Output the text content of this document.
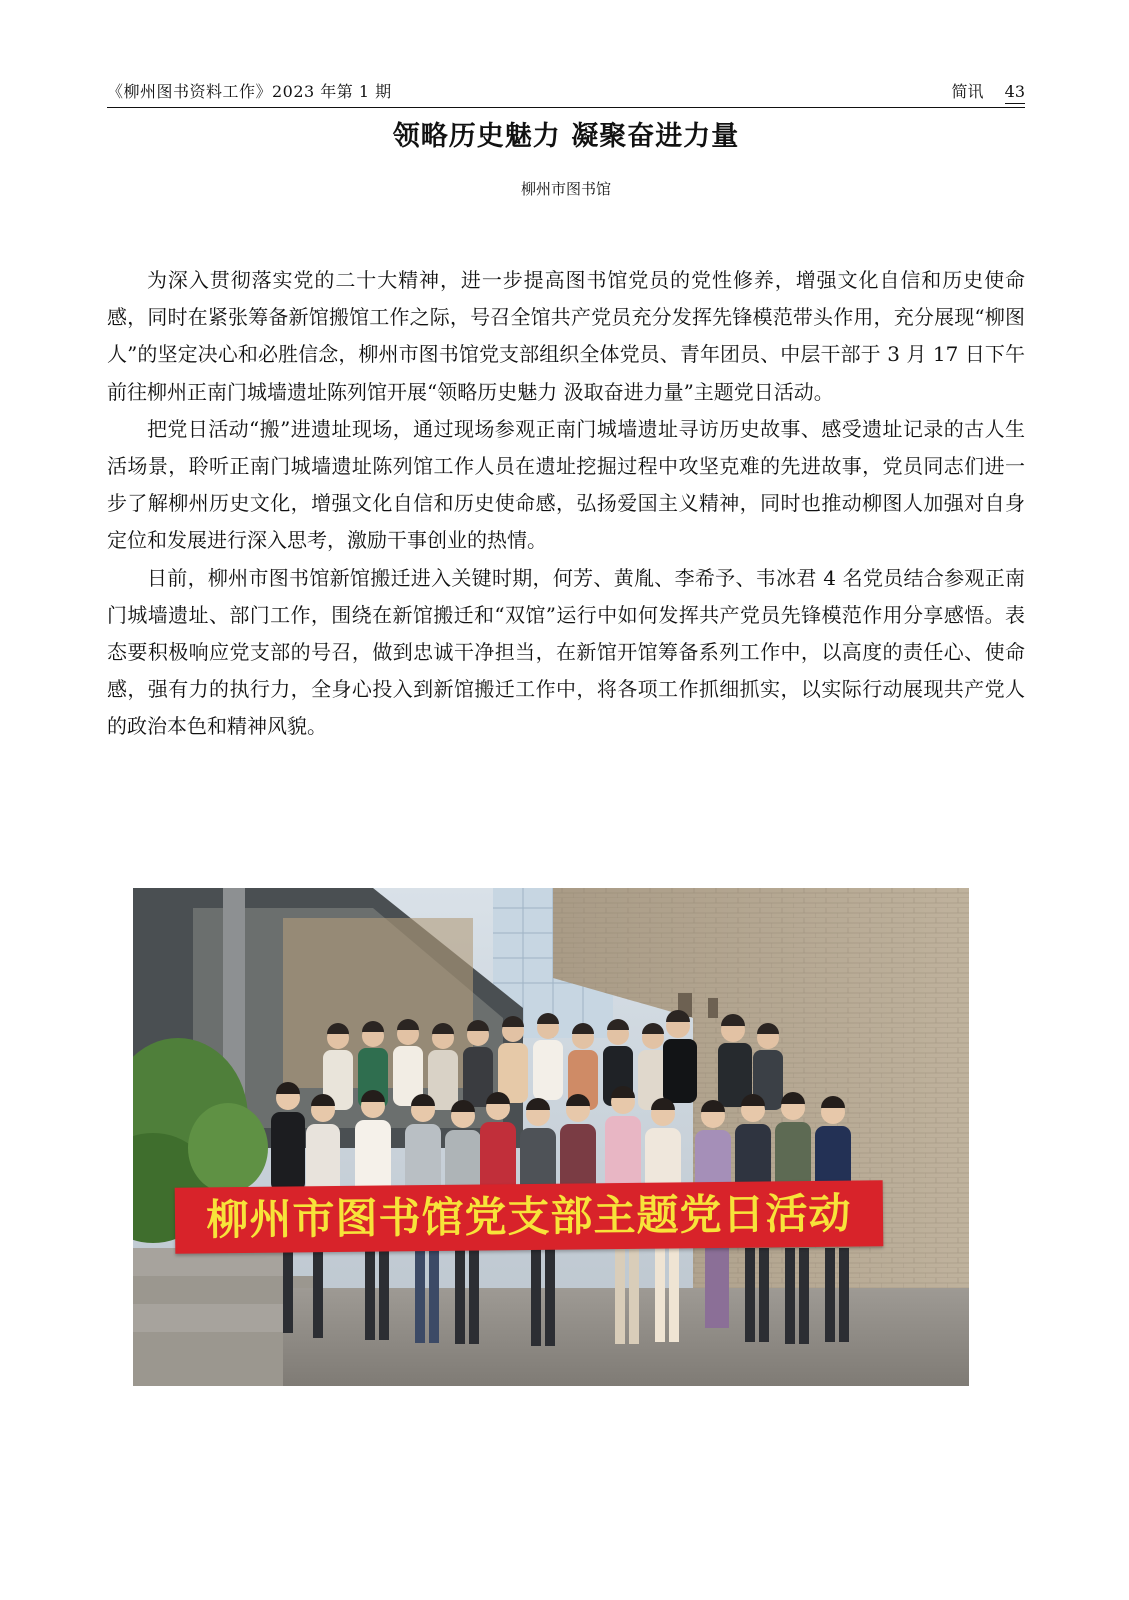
《柳州图书资料工作》2023 年第 1 期	简讯 43
领略历史魅力 凝聚奋进力量
柳州市图书馆

为深入贯彻落实党的二十大精神，进一步提高图书馆党员的党性修养，增强文化自信和历史使命感，同时在紧张筹备新馆搬馆工作之际，号召全馆共产党员充分发挥先锋模范带头作用，充分展现“柳图人”的坚定决心和必胜信念，柳州市图书馆党支部组织全体党员、青年团员、中层干部于 3 月 17 日下午前往柳州正南门城墙遗址陈列馆开展“领略历史魅力 汲取奋进力量”主题党日活动。

把党日活动“搬”进遗址现场，通过现场参观正南门城墙遗址寻访历史故事、感受遗址记录的古人生活场景，聆听正南门城墙遗址陈列馆工作人员在遗址挖掘过程中攻坚克难的先进故事，党员同志们进一步了解柳州历史文化，增强文化自信和历史使命感，弘扬爱国主义精神，同时也推动柳图人加强对自身定位和发展进行深入思考，激励干事创业的热情。

日前，柳州市图书馆新馆搬迁进入关键时期，何芳、黄胤、李希予、韦冰君 4 名党员结合参观正南门城墙遗址、部门工作，围绕在新馆搬迁和“双馆”运行中如何发挥共产党员先锋模范作用分享感悟。表态要积极响应党支部的号召，做到忠诚干净担当，在新馆开馆筹备系列工作中，以高度的责任心、使命感，强有力的执行力，全身心投入到新馆搬迁工作中，将各项工作抓细抓实，以实际行动展现共产党人的政治本色和精神风貌。

柳州市图书馆党支部主题党日活动
